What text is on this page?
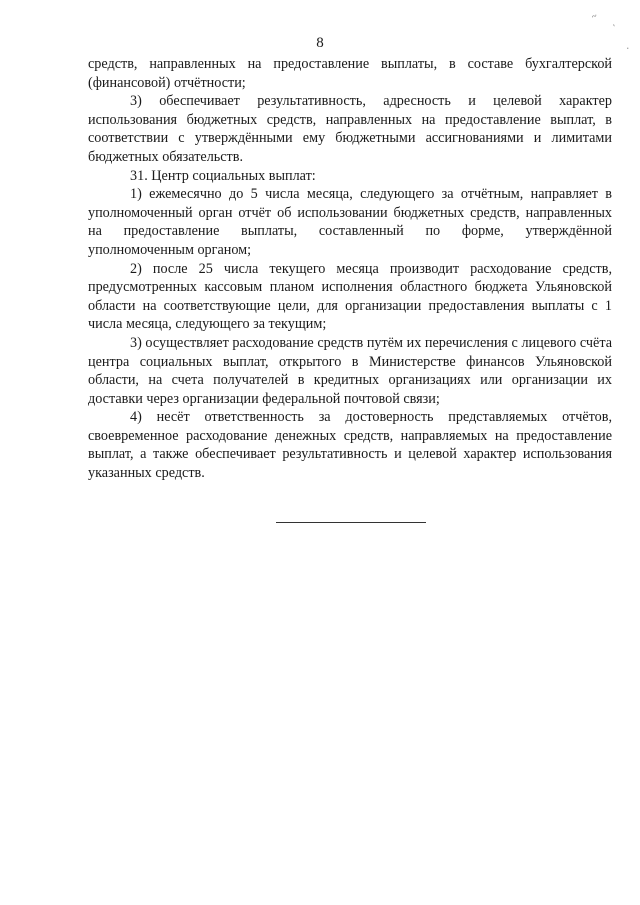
~
‵
·
8

средств, направленных на предоставление выплаты, в составе бухгалтерской (финансовой) отчётности;

3) обеспечивает результативность, адресность и целевой характер использования бюджетных средств, направленных на предоставление выплат, в соответствии с утверждёнными ему бюджетными ассигнованиями и лимитами бюджетных обязательств.

31. Центр социальных выплат:

1) ежемесячно до 5 числа месяца, следующего за отчётным, направляет в уполномоченный орган отчёт об использовании бюджетных средств, направленных на предоставление выплаты, составленный по форме, утверждённой уполномоченным органом;

2) после 25 числа текущего месяца производит расходование средств, предусмотренных кассовым планом исполнения областного бюджета Ульяновской области на соответствующие цели, для организации предоставления выплаты с 1 числа месяца, следующего за текущим;

3) осуществляет расходование средств путём их перечисления с лицевого счёта центра социальных выплат, открытого в Министерстве финансов Ульяновской области, на счета получателей в кредитных организациях или организации их доставки через организации федеральной почтовой связи;

4) несёт ответственность за достоверность представляемых отчётов, своевременное расходование денежных средств, направляемых на предоставление выплат, а также обеспечивает результативность и целевой характер использования указанных средств.
